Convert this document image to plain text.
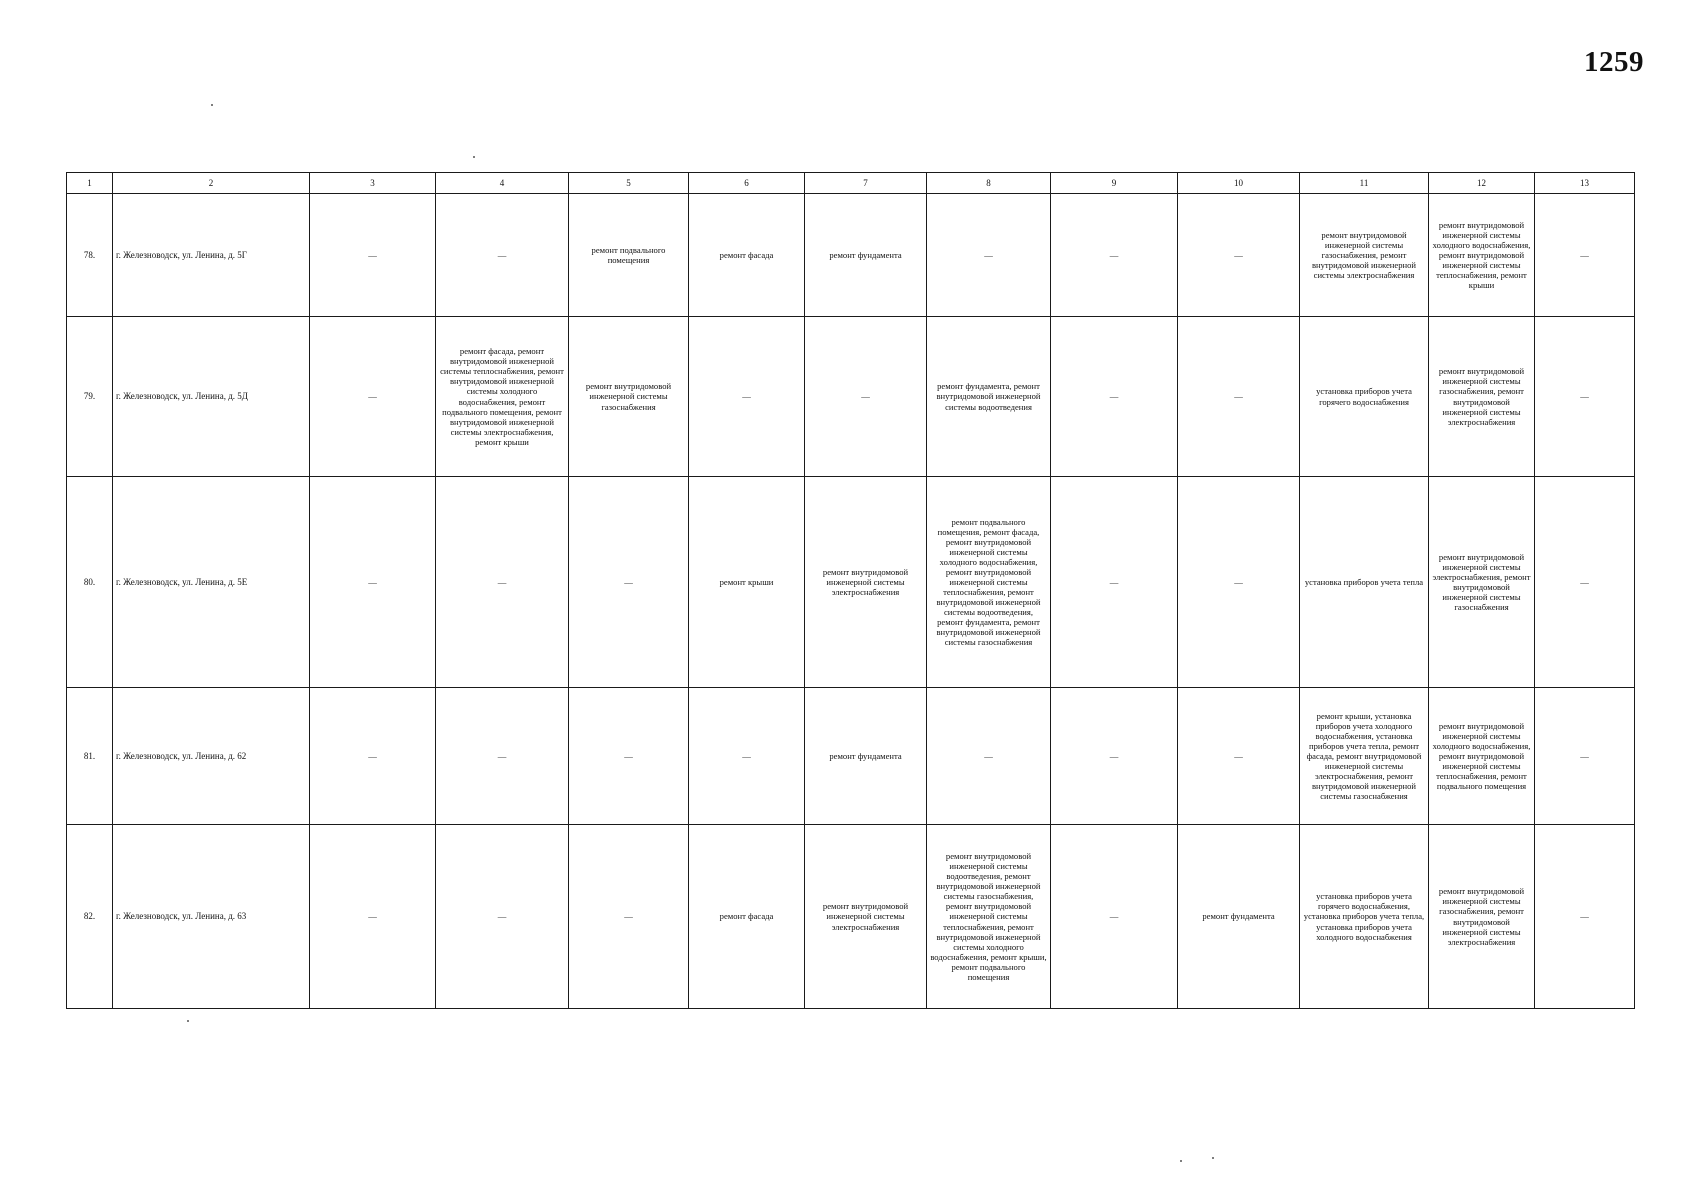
1259
1	2	3	4	5	6	7	8	9	10	11	12	13
78.	г. Железноводск, ул. Ленина, д. 5Г	—	—	ремонт подвального помещения	ремонт фасада	ремонт фундамента	—	—	—	ремонт внутридомовой инженерной системы газоснабжения, ремонт внутридомовой инженерной системы электроснабжения	ремонт внутридомовой инженерной системы холодного водоснабжения, ремонт внутридомовой инженерной системы теплоснабжения, ремонт крыши	—
79.	г. Железноводск, ул. Ленина, д. 5Д	—	ремонт фасада, ремонт внутридомовой инженерной системы теплоснабжения, ремонт внутридомовой инженерной системы холодного водоснабжения, ремонт подвального помещения, ремонт внутридомовой инженерной системы электроснабжения, ремонт крыши	ремонт внутридомовой инженерной системы газоснабжения	—	—	ремонт фундамента, ремонт внутридомовой инженерной системы водоотведения	—	—	установка приборов учета горячего водоснабжения	ремонт внутридомовой инженерной системы газоснабжения, ремонт внутридомовой инженерной системы электроснабжения	—
80.	г. Железноводск, ул. Ленина, д. 5Е	—	—	—	ремонт крыши	ремонт внутридомовой инженерной системы электроснабжения	ремонт подвального помещения, ремонт фасада, ремонт внутридомовой инженерной системы холодного водоснабжения, ремонт внутридомовой инженерной системы теплоснабжения, ремонт внутридомовой инженерной системы водоотведения, ремонт фундамента, ремонт внутридомовой инженерной системы газоснабжения	—	—	установка приборов учета тепла	ремонт внутридомовой инженерной системы электроснабжения, ремонт внутридомовой инженерной системы газоснабжения	—
81.	г. Железноводск, ул. Ленина, д. 62	—	—	—	—	ремонт фундамента	—	—	—	ремонт крыши, установка приборов учета холодного водоснабжения, установка приборов учета тепла, ремонт фасада, ремонт внутридомовой инженерной системы электроснабжения, ремонт внутридомовой инженерной системы газоснабжения	ремонт внутридомовой инженерной системы холодного водоснабжения, ремонт внутридомовой инженерной системы теплоснабжения, ремонт подвального помещения	—
82.	г. Железноводск, ул. Ленина, д. 63	—	—	—	ремонт фасада	ремонт внутридомовой инженерной системы электроснабжения	ремонт внутридомовой инженерной системы водоотведения, ремонт внутридомовой инженерной системы газоснабжения, ремонт внутридомовой инженерной системы теплоснабжения, ремонт внутридомовой инженерной системы холодного водоснабжения, ремонт крыши, ремонт подвального помещения	—	ремонт фундамента	установка приборов учета горячего водоснабжения, установка приборов учета тепла, установка приборов учета холодного водоснабжения	ремонт внутридомовой инженерной системы газоснабжения, ремонт внутридомовой инженерной системы электроснабжения	—
